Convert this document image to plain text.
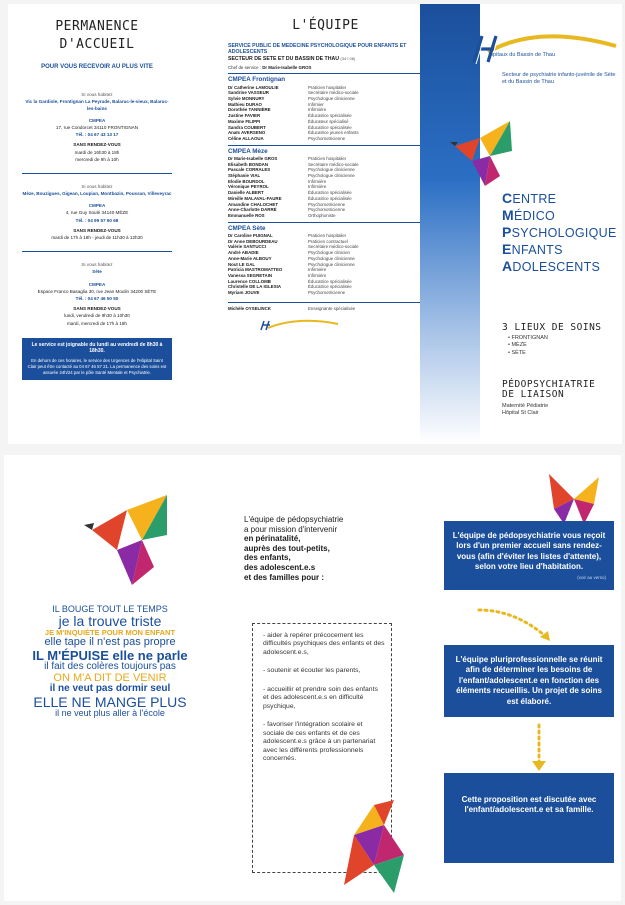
PERMANENCE D'ACCUEIL
POUR VOUS RECEVOIR AU PLUS VITE

Si vous habitez

Vic la Gardiole, Frontignan La Peyrade, Balaruc-le-vieux, Balaruc-les-bains

CMPEA

17, rue Condorcet 34110 FRONTIGNAN

Tél. : 04 67 43 13 17

SANS RENDEZ-VOUS

mardi de 16h30 à 18h

mercredi de 9h à 10h

Si vous habitez

Mèze, Bouzigues, Gigean, Loupian, Montbazin, Poussan, Villeveyrac

CMPEA

4, rue Guy Soulé 34140 MÈZE

Tél. : 04 99 57 60 68

SANS RENDEZ-VOUS

mardi de 17h à 18h - jeudi de 11h30 à 12h30

Si vous habitez

Sète

CMPEA

Espace Franco Basaglia 30, rue Jean Moulin 34200 SÈTE

Tél. : 04 67 46 50 50

SANS RENDEZ-VOUS

lundi, vendredi de 9h30 à 10h30

mardi, mercredi de 17h à 18h

Le service est joignable du lundi au vendredi de 8h30 à 18h30.

En dehors de ces horaires, le service des Urgences de l'Hôpital Saint Clair peut être contacté au 04 67 46 57 21. La permanence des soins est assurée 24h/24 par le pôle Santé Mentale et Psychiatrie.

L'ÉQUIPE
SERVICE PUBLIC DE MEDECINE PSYCHOLOGIQUE POUR ENFANTS ET ADOLESCENTS
SECTEUR DE SETE ET DU BASSIN DE THAU (34 I 06)
Chef de service : Dr Marie-Isabelle GROS
CMPEA Frontignan
Dr Catherine LAMOULIE	Praticien hospitalier
Sandrine VASSEUR	Secrétaire médico-sociale
Sylvie MONNURY	Psychologue clinicienne
Mathieu DURAO	Infirmier
Dorothée TANNIÈRE	Infirmière
Justine FAVIER	Éducatrice spécialisée
Maxime FILIPPI	Éducateur spécialisé
Sandra COUBERT	Éducatrice spécialisée
Anaïs AVERSENO	Éducatrice jeunes enfants
Céline ALLAOUA	Psychomotricienne
CMPEA Mèze
Dr Marie-Isabelle GROS	Praticien hospitalier
Elisabeth BONDAN	Secrétaire médico-sociale
Pascale CORRALES	Psychologue clinicienne
Stéphanie VIAL	Psychologue clinicienne
Elodie BOURDOL	Infirmière
Véronique PEYROL	Infirmière
Danielle ALBERT	Éducatrice spécialisée
Mireille MALAVAL-FAURE	Éducatrice spécialisée
Amandine CHALOCHET	Psychomotricienne
Anne-Charlotte DARRÉ	Psychomotricienne
Emmanuelle ROS	Orthophoniste
CMPEA Sète
Dr Caroline PUIGNAL	Praticien hospitalier
Dr Anne DEBOURDEAU	Praticien contractuel
Valérie SANTUCCI	Secrétaire médico-sociale
André ABADIE	Psychologue clinicien
Anne-Marie ALBOUY	Psychologue clinicienne
Nouï LE GAL	Psychologue clinicienne
Patricia MASTROMATTEO	Infirmière
Vanessa SEGRETAIN	Infirmière
Laurence COLLOMB	Éducatrice spécialisée
Christelle DE LA IGLESIA	Éducatrice spécialisée
Myriam JOUVE	Psychomotricienne
Michèle OYSELINCK	Enseignante spécialisée
ôpitaux du Bassin de Thau
Secteur de psychiatrie infanto-juvénile de Sète et du Bassin de Thau
CENTRE
MÉDICO
PSYCHOLOGIQUE
ENFANTS
ADOLESCENTS
3 LIEUX DE SOINS
• FRONTIGNAN
• MÈZE
• SÈTE
PÉDOPSYCHIATRIE
DE LIAISON
Maternité Pédiatrie
Hôpital St Clair
IL BOUGE TOUT LE TEMPS
je la trouve triste
JE M'INQUIÈTE POUR MON ENFANT
elle tape il n'est pas propre
IL M'ÉPUISE elle ne parle
il fait des colères toujours pas
ON M'A DIT DE VENIR
il ne veut pas dormir seul
ELLE NE MANGE PLUS
il ne veut plus aller à l'école
L'équipe de pédopsychiatrie
a pour mission d'intervenir
en périnatalité,
auprès des tout-petits,
des enfants,
des adolescent.e.s
et des familles pour :

- aider à repérer précocement les difficultés psychiques des enfants et des adolescent.e.s,

- soutenir et écouter les parents,

- accueillir et prendre soin des enfants et des adolescent.e.s en difficulté psychique,

- favoriser l'intégration scolaire et sociale de ces enfants et de ces adolescent.e.s grâce à un partenariat avec les différents professionnels concernés.

L'équipe de pédopsychiatrie vous reçoit lors d'un premier accueil sans rendez-vous (afin d'éviter les listes d'attente), selon votre lieu d'habitation.
(voir au verso)
L'équipe pluriprofessionnelle se réunit afin de déterminer les besoins de l'enfant/adolescent.e en fonction des éléments recueillis. Un projet de soins est élaboré.
Cette proposition est discutée avec l'enfant/adolescent.e et sa famille.
